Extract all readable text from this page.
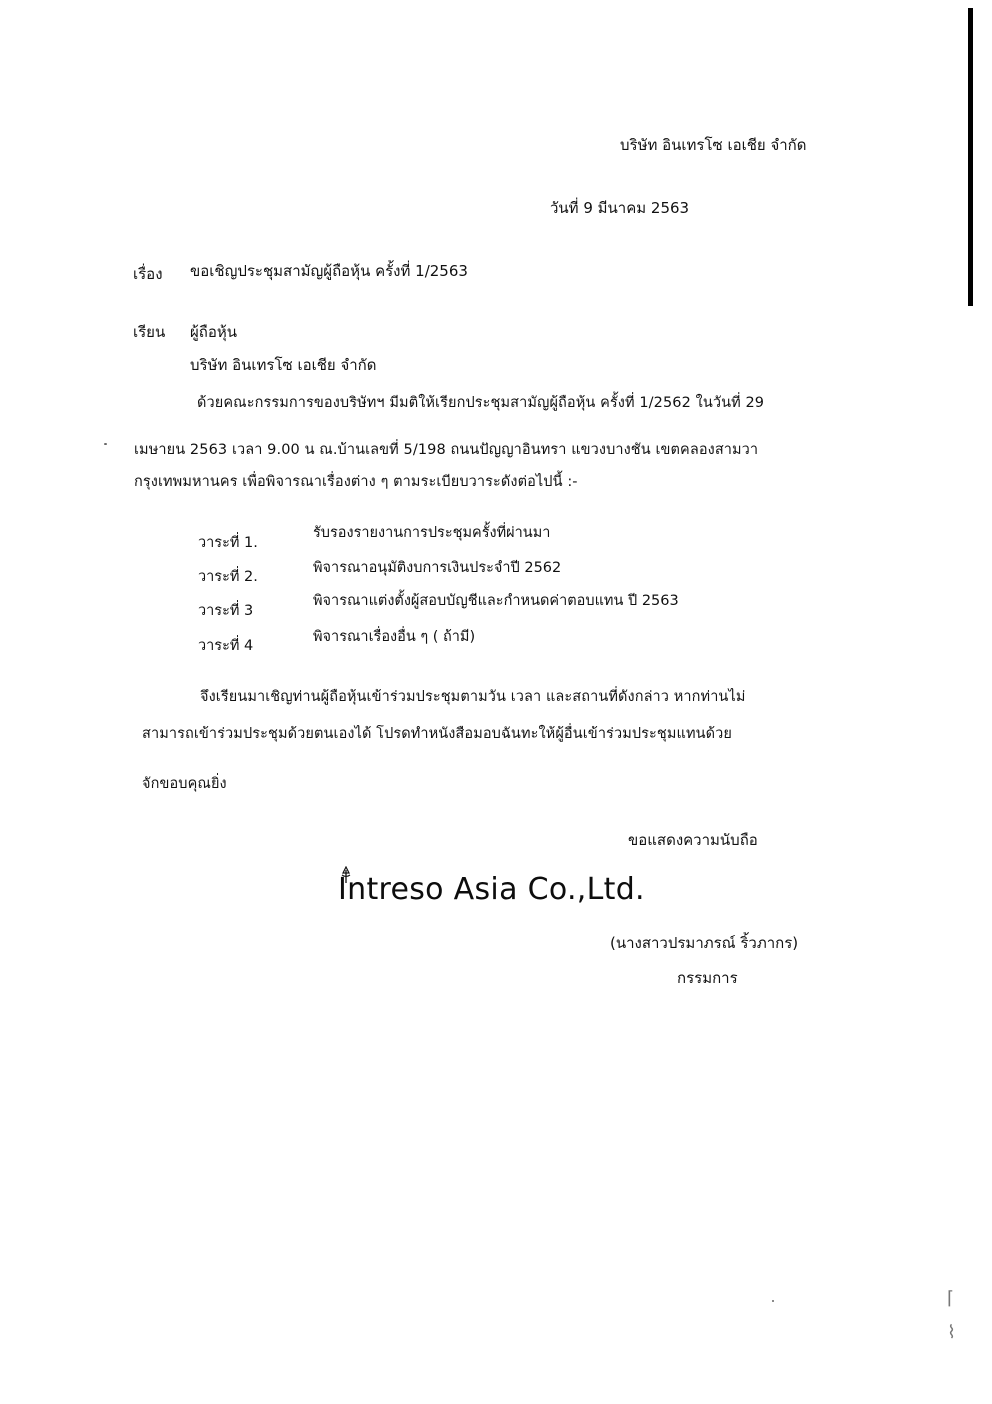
⌈
⌇
บริษัท อินเทรโซ เอเชีย จำกัด
วันที่ 9 มีนาคม 2563
เรื่อง ขอเชิญประชุมสามัญผู้ถือหุ้น ครั้งที่ 1/2563
เรียน ผู้ถือหุ้น
บริษัท อินเทรโซ เอเชีย จำกัด
ด้วยคณะกรรมการของบริษัทฯ มีมติให้เรียกประชุมสามัญผู้ถือหุ้น ครั้งที่ 1/2562 ในวันที่ 29
เมษายน 2563 เวลา 9.00 น ณ.บ้านเลขที่ 5/198 ถนนปัญญาอินทรา แขวงบางชัน เขตคลองสามวา
กรุงเทพมหานคร เพื่อพิจารณาเรื่องต่าง ๆ ตามระเบียบวาระดังต่อไปนี้ :-
วาระที่ 1.
รับรองรายงานการประชุมครั้งที่ผ่านมา
วาระที่ 2.
พิจารณาอนุมัติงบการเงินประจำปี 2562
วาระที่ 3
พิจารณาแต่งตั้งผู้สอบบัญชีและกำหนดค่าตอบแทน ปี 2563
วาระที่ 4
พิจารณาเรื่องอื่น ๆ ( ถ้ามี)
จึงเรียนมาเชิญท่านผู้ถือหุ้นเข้าร่วมประชุมตามวัน เวลา และสถานที่ดังกล่าว หากท่านไม่
สามารถเข้าร่วมประชุมด้วยตนเองได้ โปรดทำหนังสือมอบฉันทะให้ผู้อื่นเข้าร่วมประชุมแทนด้วย
จักขอบคุณยิ่ง
ขอแสดงความนับถือ
Intreso Asia Co.,Ltd.
(นางสาวปรมาภรณ์ ริ้วภากร)
กรรมการ
